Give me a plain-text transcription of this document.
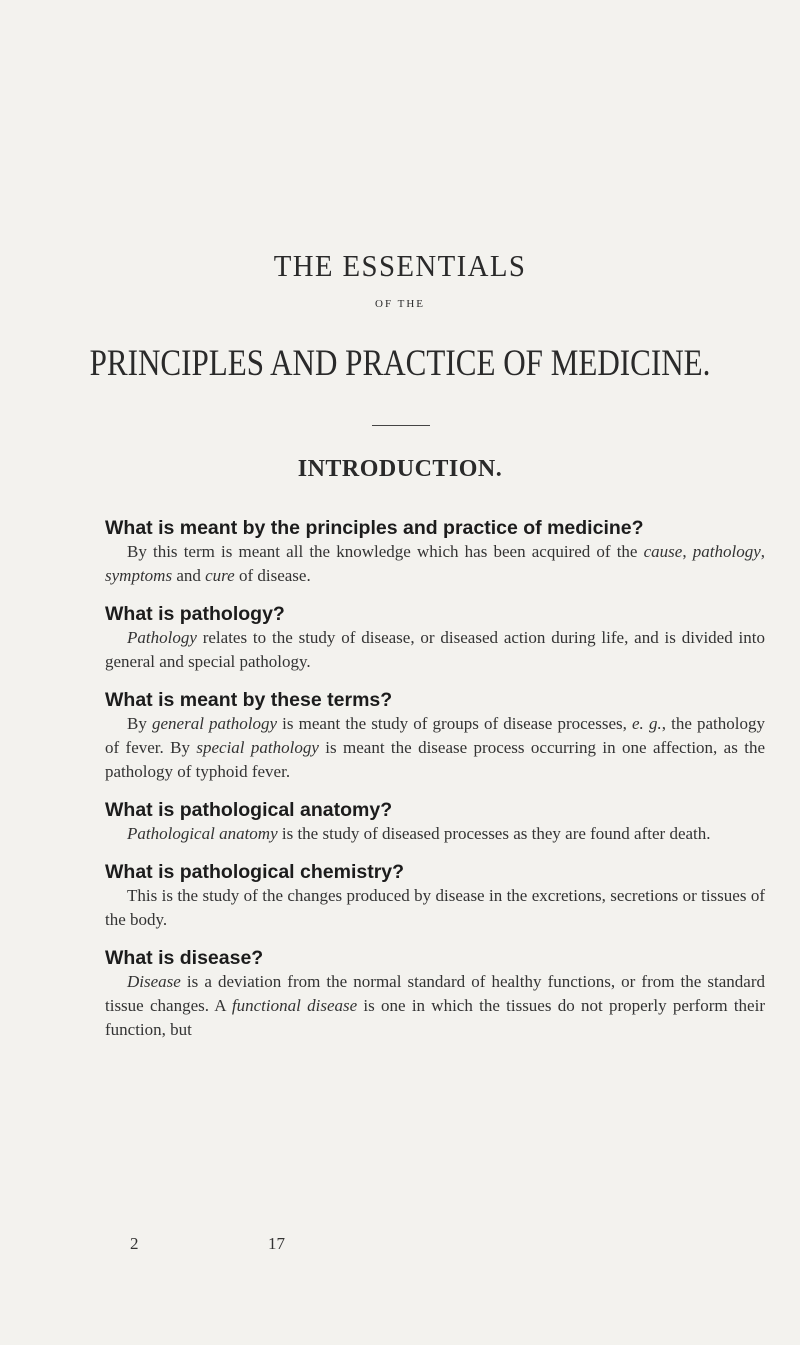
THE ESSENTIALS
OF THE
PRINCIPLES AND PRACTICE OF MEDICINE.
INTRODUCTION.
What is meant by the principles and practice of medicine?
By this term is meant all the knowledge which has been acquired of the cause, pathology, symptoms and cure of disease.
What is pathology?
Pathology relates to the study of disease, or diseased action during life, and is divided into general and special pathology.
What is meant by these terms?
By general pathology is meant the study of groups of disease processes, e. g., the pathology of fever. By special pathology is meant the disease process occurring in one affection, as the pathology of typhoid fever.
What is pathological anatomy?
Pathological anatomy is the study of diseased processes as they are found after death.
What is pathological chemistry?
This is the study of the changes produced by disease in the excretions, secretions or tissues of the body.
What is disease?
Disease is a deviation from the normal standard of healthy functions, or from the standard tissue changes. A functional disease is one in which the tissues do not properly perform their function, but
2	17
